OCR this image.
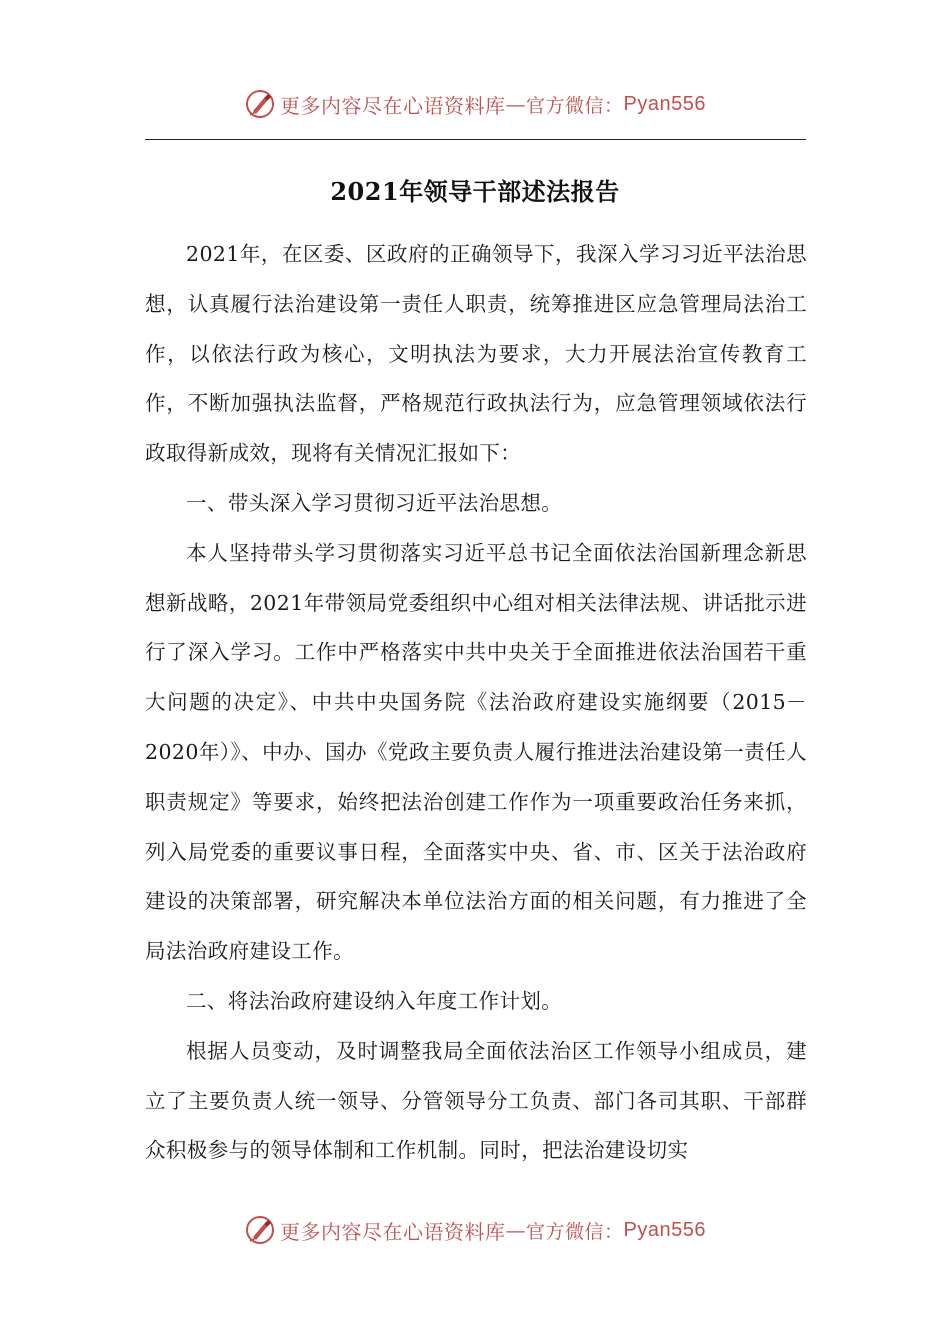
更多内容尽在心语资料库 — 官方微信： Pyan556
2021年领导干部述法报告

2021年，在区委、区政府的正确领导下，我深入学习习近平法治思想，认真履行法治建设第一责任人职责，统筹推进区应急管理局法治工作，以依法行政为核心，文明执法为要求，大力开展法治宣传教育工作，不断加强执法监督，严格规范行政执法行为，应急管理领域依法行政取得新成效，现将有关情况汇报如下：

一、带头深入学习贯彻习近平法治思想。

本人坚持带头学习贯彻落实习近平总书记全面依法治国新理念新思想新战略，2021年带领局党委组织中心组对相关法律法规、讲话批示进行了深入学习。工作中严格落实中共中央关于全面推进依法治国若干重大问题的决定》、中共中央国务院《法治政府建设实施纲要（2015－2020年）》、中办、国办《党政主要负责人履行推进法治建设第一责任人职责规定》等要求，始终把法治创建工作作为一项重要政治任务来抓，列入局党委的重要议事日程，全面落实中央、省、市、区关于法治政府建设的决策部署，研究解决本单位法治方面的相关问题，有力推进了全局法治政府建设工作。

二、将法治政府建设纳入年度工作计划。

根据人员变动，及时调整我局全面依法治区工作领导小组成员，建立了主要负责人统一领导、分管领导分工负责、部门各司其职、干部群众积极参与的领导体制和工作机制。同时，把法治建设切实

更多内容尽在心语资料库 — 官方微信： Pyan556
